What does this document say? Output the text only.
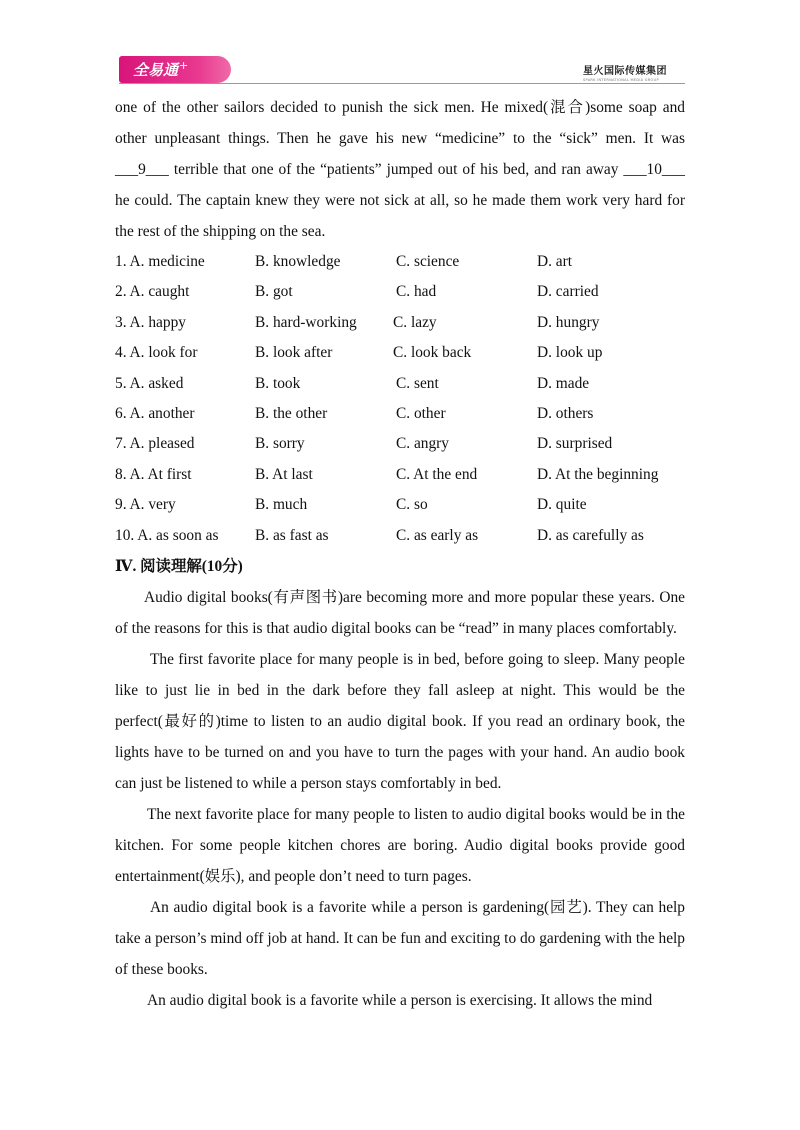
全易通 +	星火国际传媒集团
SPARK INTERNATIONAL MEDIA GROUP

one of the other sailors decided to punish the sick men. He mixed(混合)some soap and other unpleasant things. Then he gave his new “medicine” to the “sick” men. It was ___9___ terrible that one of the “patients” jumped out of his bed, and ran away ___10___ he could. The captain knew they were not sick at all, so he made them work very hard for the rest of the shipping on the sea.

1. A. medicine	B. knowledge	C. science	D. art
2. A. caught	B. got	C. had	D. carried
3. A. happy	B. hard-working C. lazy	D. hungry
4. A. look for	B. look after	C. look back	D. look up
5. A. asked	B. took	C. sent	D. made
6. A. another	B. the other	C. other	D. others
7. A. pleased	B. sorry	C. angry	D. surprised
8. A. At first	B. At last	C. At the end	D. At the beginning
9. A. very	B. much	C. so	D. quite
10. A. as soon as B. as fast as	C. as early as	D. as carefully as

Ⅳ. 阅读理解(10分)

Audio digital books(有声图书)are becoming more and more popular these years. One of the reasons for this is that audio digital books can be “read” in many places comfortably.

The first favorite place for many people is in bed, before going to sleep. Many people like to just lie in bed in the dark before they fall asleep at night. This would be the perfect(最好的)time to listen to an audio digital book. If you read an ordinary book, the lights have to be turned on and you have to turn the pages with your hand. An audio book can just be listened to while a person stays comfortably in bed.

The next favorite place for many people to listen to audio digital books would be in the kitchen. For some people kitchen chores are boring. Audio digital books provide good entertainment(娱乐), and people don’t need to turn pages.

An audio digital book is a favorite while a person is gardening(园艺). They can help take a person’s mind off job at hand. It can be fun and exciting to do gardening with the help of these books.

An audio digital book is a favorite while a person is exercising. It allows the mind
